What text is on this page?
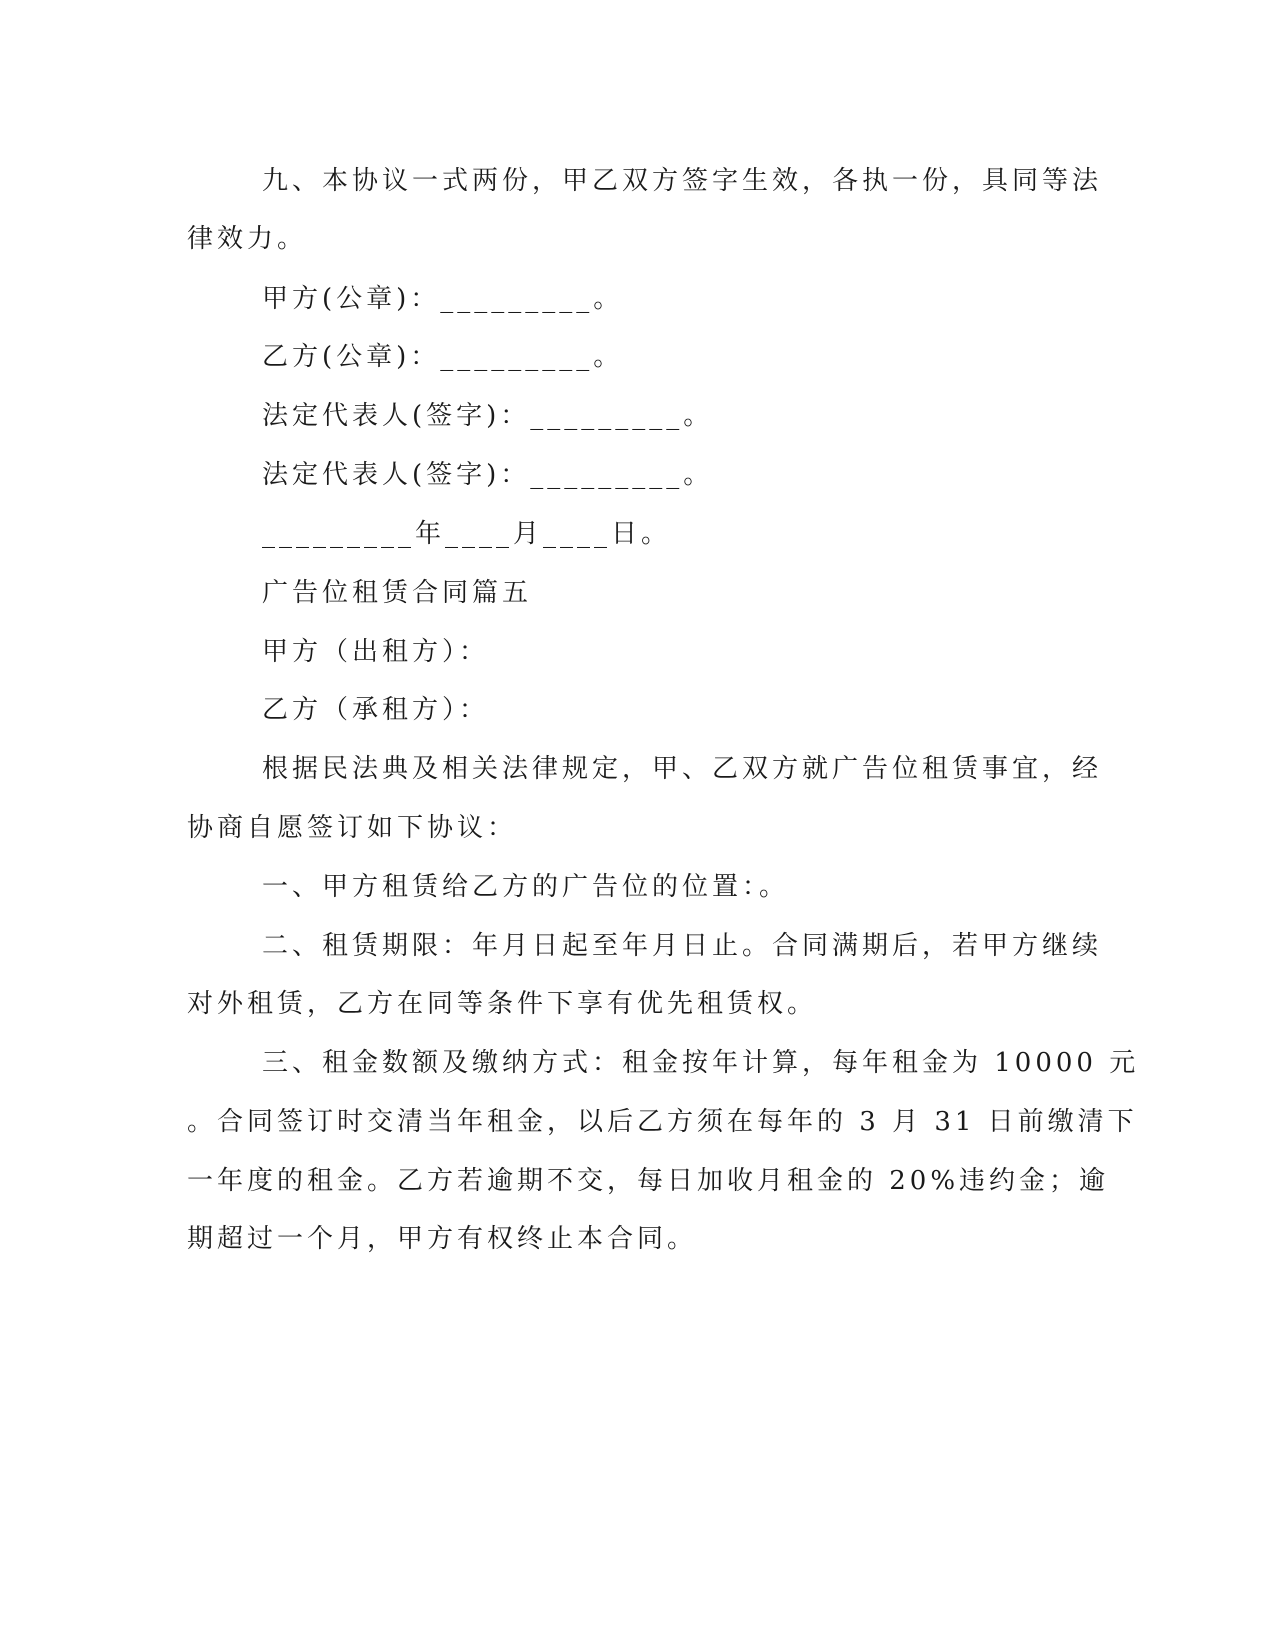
九、本协议一式两份，甲乙双方签字生效，各执一份，具同等法
律效力。
甲方(公章)：_________。
乙方(公章)：_________。
法定代表人(签字)：_________。
法定代表人(签字)：_________。
_________年____月____日。
广告位租赁合同篇五
甲方（出租方）：
乙方（承租方）：
根据民法典及相关法律规定，甲、乙双方就广告位租赁事宜，经
协商自愿签订如下协议：
一、甲方租赁给乙方的广告位的位置：。
二、租赁期限：年月日起至年月日止。合同满期后，若甲方继续
对外租赁，乙方在同等条件下享有优先租赁权。
三、租金数额及缴纳方式：租金按年计算，每年租金为 10000 元
。合同签订时交清当年租金，以后乙方须在每年的 3 月 31 日前缴清下
一年度的租金。乙方若逾期不交，每日加收月租金的 20%违约金；逾
期超过一个月，甲方有权终止本合同。
